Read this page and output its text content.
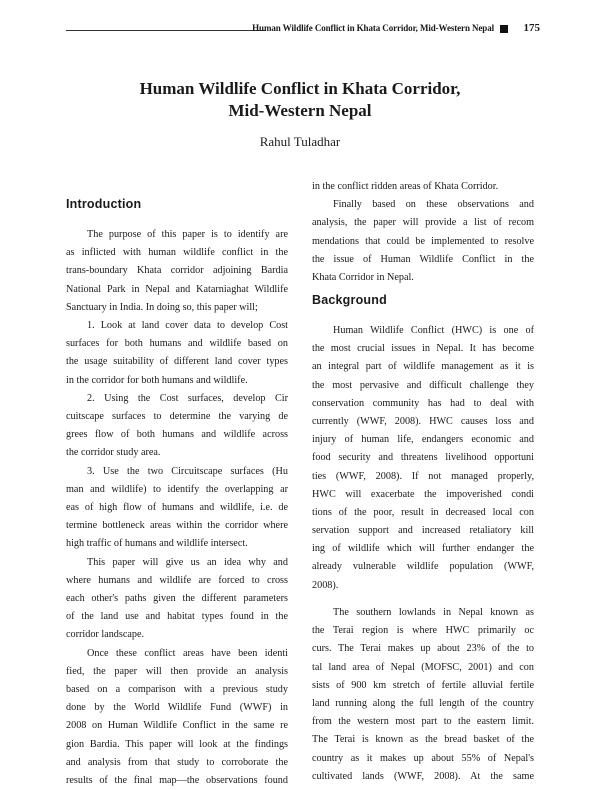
Human Wildlife Conflict in Khata Corridor, Mid-Western Nepal	175
Human Wildlife Conflict in Khata Corridor,
Mid-Western Nepal
Rahul Tuladhar
Introduction
The purpose of this paper is to identify are
as inflicted with human wildlife conflict in the
trans-boundary Khata corridor adjoining Bardia
National Park in Nepal and Katarniaghat Wildlife
Sanctuary in India. In doing so, this paper will;
1. Look at land cover data to develop Cost
surfaces for both humans and wildlife based on
the usage suitability of different land cover types
in the corridor for both humans and wildlife.
2. Using the Cost surfaces, develop Cir
cuitscape surfaces to determine the varying de
grees flow of both humans and wildlife across
the corridor study area.
3. Use the two Circuitscape surfaces (Hu
man and wildlife) to identify the overlapping ar
eas of high flow of humans and wildlife, i.e. de
termine bottleneck areas within the corridor where
high traffic of humans and wildlife intersect.
This paper will give us an idea why and
where humans and wildlife are forced to cross
each other's paths given the different parameters
of the land use and habitat types found in the
corridor landscape.
Once these conflict areas have been identi
fied, the paper will then provide an analysis
based on a comparison with a previous study
done by the World Wildlife Fund (WWF) in
2008 on Human Wildlife Conflict in the same re
gion Bardia. This paper will look at the findings
and analysis from that study to corroborate the
results of the final map—the observations found
in the conflict ridden areas of Khata Corridor.
Finally based on these observations and
analysis, the paper will provide a list of recom
mendations that could be implemented to resolve
the issue of Human Wildlife Conflict in the
Khata Corridor in Nepal.
Background
Human Wildlife Conflict (HWC) is one of
the most crucial issues in Nepal. It has become
an integral part of wildlife management as it is
the most pervasive and difficult challenge they
conservation community has had to deal with
currently (WWF, 2008). HWC causes loss and
injury of human life, endangers economic and
food security and threatens livelihood opportuni
ties (WWF, 2008). If not managed properly,
HWC will exacerbate the impoverished condi
tions of the poor, result in decreased local con
servation support and increased retaliatory kill
ing of wildlife which will further endanger the
already vulnerable wildlife population (WWF,
2008).
The southern lowlands in Nepal known as
the Terai region is where HWC primarily oc
curs. The Terai makes up about 23% of the to
tal land area of Nepal (MOFSC, 2001) and con
sists of 900 km stretch of fertile alluvial fertile
land running along the full length of the country
from the western most part to the eastern limit.
The Terai is known as the bread basket of the
country as it makes up about 55% of Nepal's
cultivated lands (WWF, 2008). At the same
